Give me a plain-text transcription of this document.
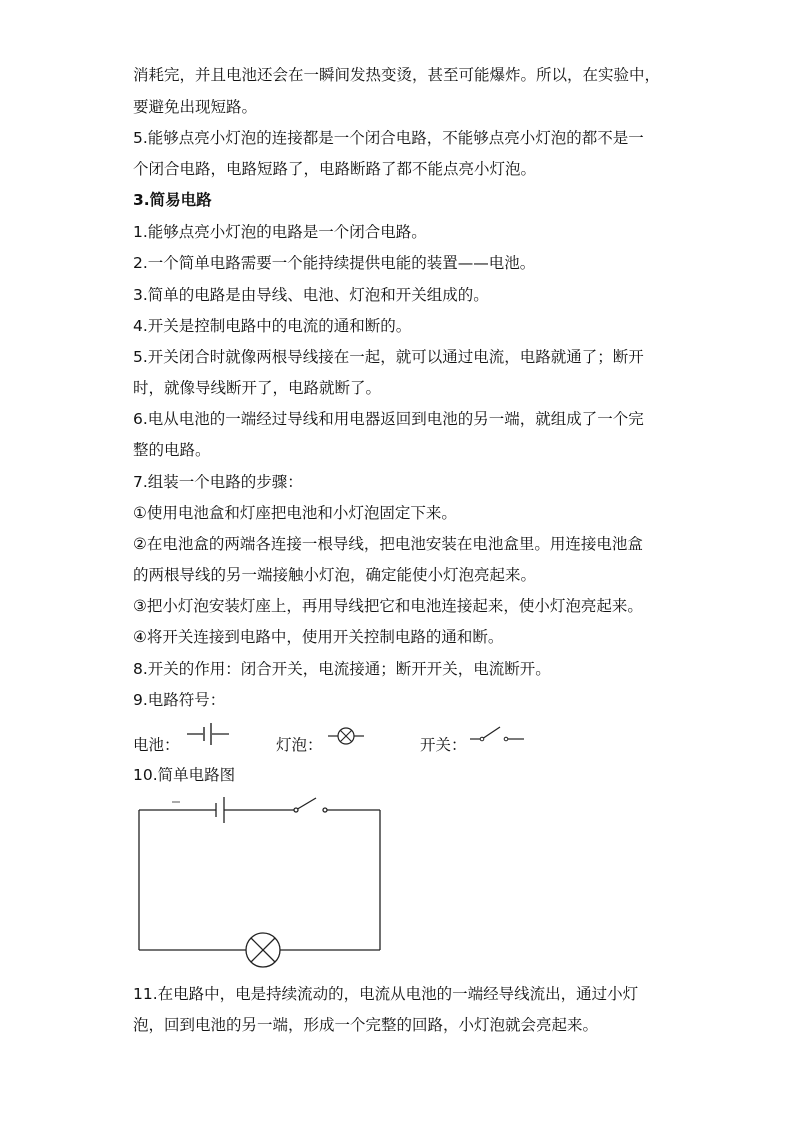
消耗完，并且电池还会在一瞬间发热变烫，甚至可能爆炸。所以，在实验中，
要避免出现短路。
5.能够点亮小灯泡的连接都是一个闭合电路，不能够点亮小灯泡的都不是一
个闭合电路，电路短路了，电路断路了都不能点亮小灯泡。
3.简易电路
1.能够点亮小灯泡的电路是一个闭合电路。
2.一个简单电路需要一个能持续提供电能的装置——电池。
3.简单的电路是由导线、电池、灯泡和开关组成的。
4.开关是控制电路中的电流的通和断的。
5.开关闭合时就像两根导线接在一起，就可以通过电流，电路就通了；断开
时，就像导线断开了，电路就断了。
6.电从电池的一端经过导线和用电器返回到电池的另一端，就组成了一个完
整的电路。
7.组装一个电路的步骤：
①使用电池盒和灯座把电池和小灯泡固定下来。
②在电池盒的两端各连接一根导线，把电池安装在电池盒里。用连接电池盒
的两根导线的另一端接触小灯泡，确定能使小灯泡亮起来。
③把小灯泡安装灯座上，再用导线把它和电池连接起来，使小灯泡亮起来。
④将开关连接到电路中，使用开关控制电路的通和断。
8.开关的作用：闭合开关，电流接通；断开开关，电流断开。
9.电路符号：
电池：	灯泡：	开关：
10.简单电路图
11.在电路中，电是持续流动的，电流从电池的一端经导线流出，通过小灯
泡，回到电池的另一端，形成一个完整的回路，小灯泡就会亮起来。
